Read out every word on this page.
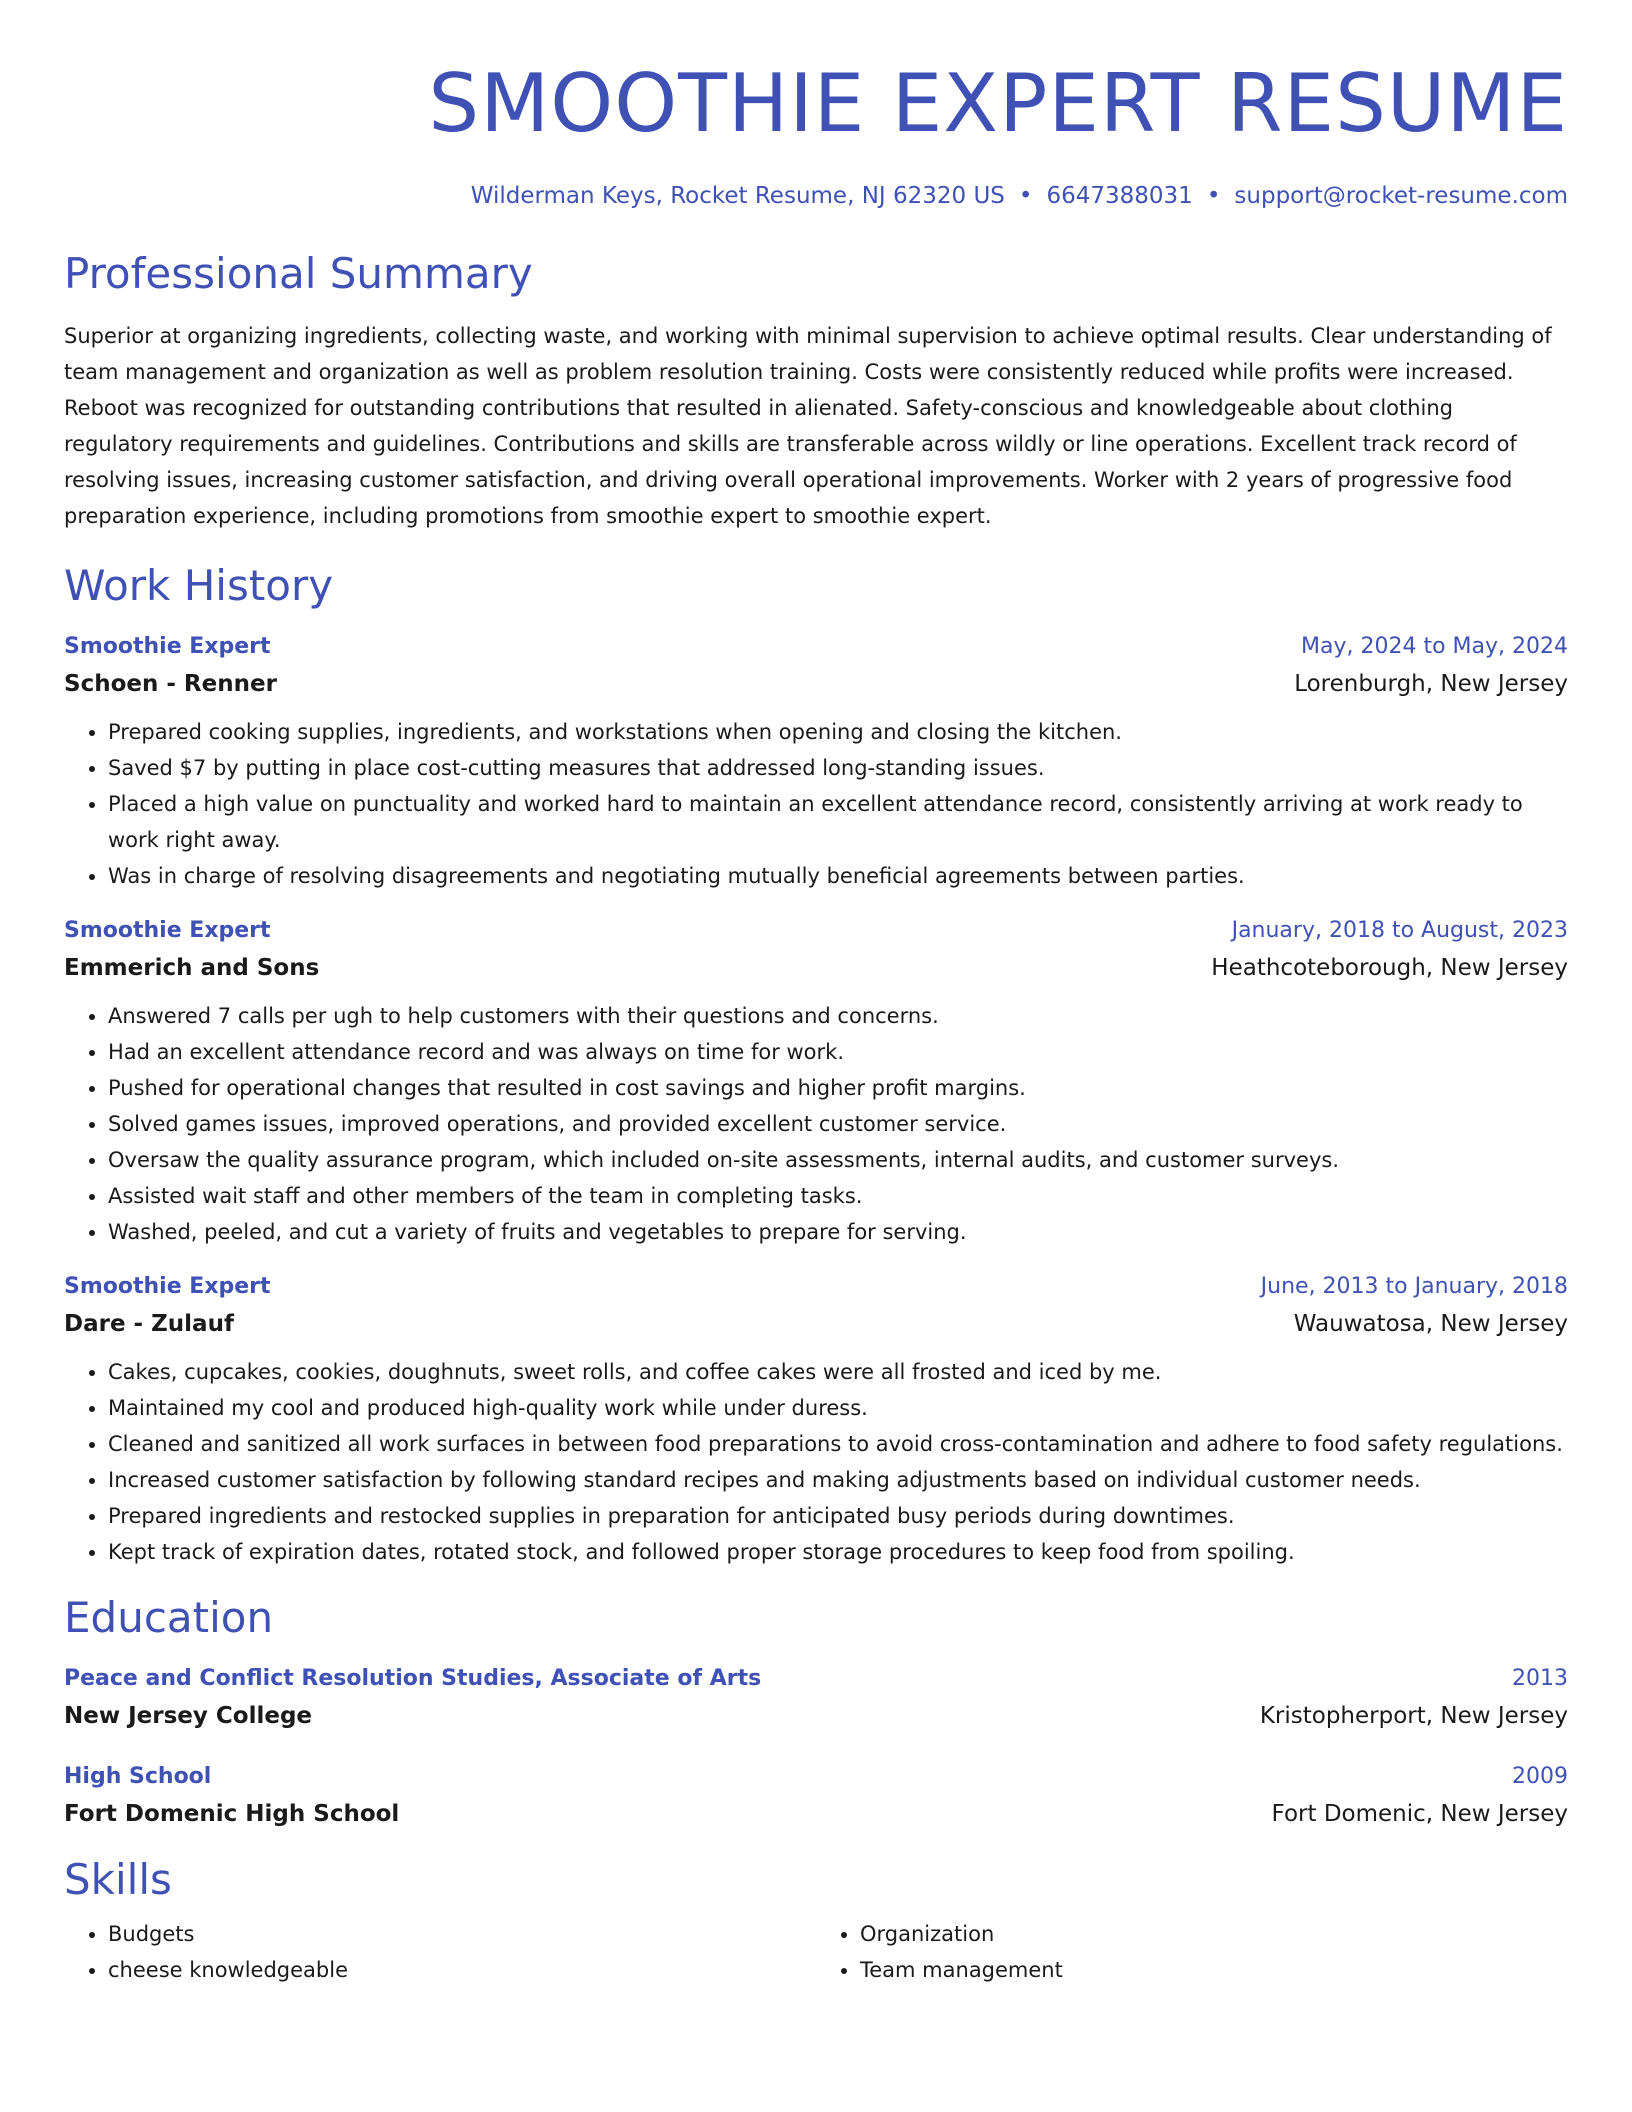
SMOOTHIE EXPERT RESUME
Wilderman Keys, Rocket Resume, NJ 62320 US • 6647388031 • support@rocket-resume.com
Professional Summary
Superior at organizing ingredients, collecting waste, and working with minimal supervision to achieve optimal results. Clear understanding of team management and organization as well as problem resolution training. Costs were consistently reduced while profits were increased. Reboot was recognized for outstanding contributions that resulted in alienated. Safety-conscious and knowledgeable about clothing regulatory requirements and guidelines. Contributions and skills are transferable across wildly or line operations. Excellent track record of resolving issues, increasing customer satisfaction, and driving overall operational improvements. Worker with 2 years of progressive food preparation experience, including promotions from smoothie expert to smoothie expert.
Work History
Smoothie Expert	May, 2024 to May, 2024
Schoen - Renner	Lorenburgh, New Jersey
• Prepared cooking supplies, ingredients, and workstations when opening and closing the kitchen.
• Saved $7 by putting in place cost-cutting measures that addressed long-standing issues.
• Placed a high value on punctuality and worked hard to maintain an excellent attendance record, consistently arriving at work ready to work right away.
• Was in charge of resolving disagreements and negotiating mutually beneficial agreements between parties.
Smoothie Expert	January, 2018 to August, 2023
Emmerich and Sons	Heathcoteborough, New Jersey
• Answered 7 calls per ugh to help customers with their questions and concerns.
• Had an excellent attendance record and was always on time for work.
• Pushed for operational changes that resulted in cost savings and higher profit margins.
• Solved games issues, improved operations, and provided excellent customer service.
• Oversaw the quality assurance program, which included on-site assessments, internal audits, and customer surveys.
• Assisted wait staff and other members of the team in completing tasks.
• Washed, peeled, and cut a variety of fruits and vegetables to prepare for serving.
Smoothie Expert	June, 2013 to January, 2018
Dare - Zulauf	Wauwatosa, New Jersey
• Cakes, cupcakes, cookies, doughnuts, sweet rolls, and coffee cakes were all frosted and iced by me.
• Maintained my cool and produced high-quality work while under duress.
• Cleaned and sanitized all work surfaces in between food preparations to avoid cross-contamination and adhere to food safety regulations.
• Increased customer satisfaction by following standard recipes and making adjustments based on individual customer needs.
• Prepared ingredients and restocked supplies in preparation for anticipated busy periods during downtimes.
• Kept track of expiration dates, rotated stock, and followed proper storage procedures to keep food from spoiling.
Education
Peace and Conflict Resolution Studies, Associate of Arts	2013
New Jersey College	Kristopherport, New Jersey
High School	2009
Fort Domenic High School	Fort Domenic, New Jersey
Skills
• Budgets
• cheese knowledgeable
• Organization
• Team management
